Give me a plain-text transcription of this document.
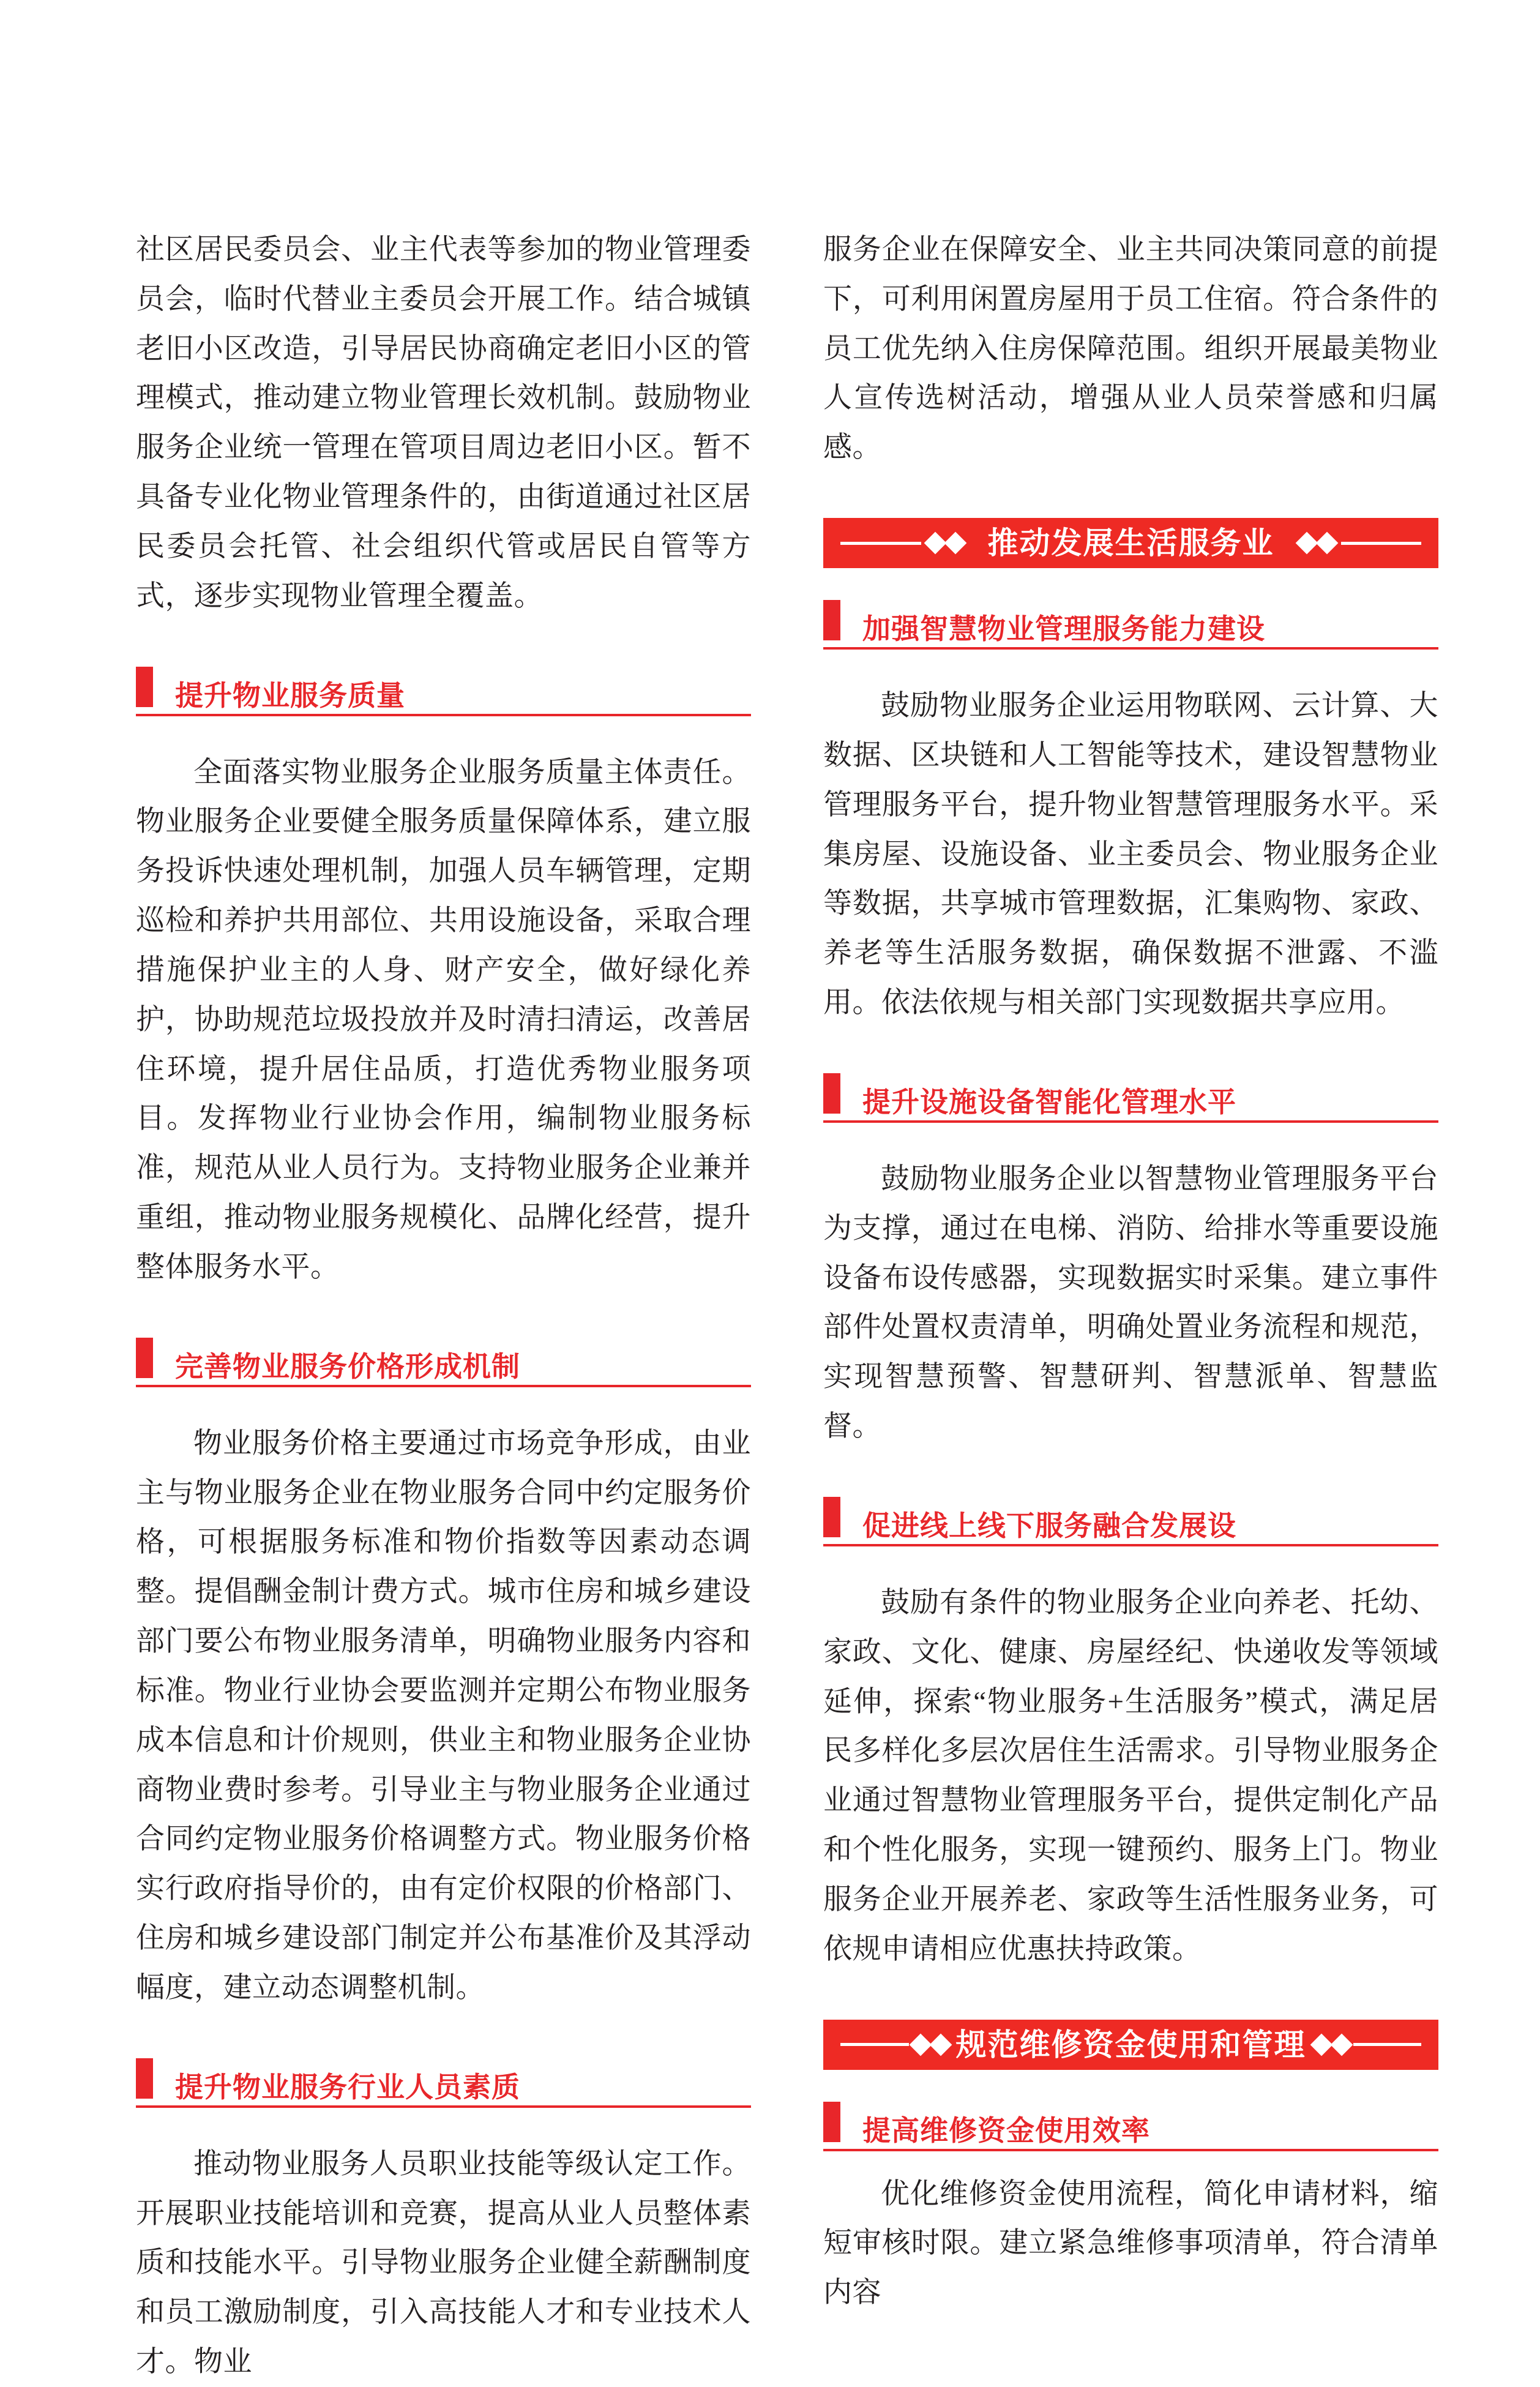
社区居民委员会、业主代表等参加的物业管理委员会，临时代替业主委员会开展工作。结合城镇老旧小区改造，引导居民协商确定老旧小区的管理模式，推动建立物业管理长效机制。鼓励物业服务企业统一管理在管项目周边老旧小区。暂不具备专业化物业管理条件的，由街道通过社区居民委员会托管、社会组织代管或居民自管等方式，逐步实现物业管理全覆盖。

提升物业服务质量

全面落实物业服务企业服务质量主体责任。物业服务企业要健全服务质量保障体系，建立服务投诉快速处理机制，加强人员车辆管理，定期巡检和养护共用部位、共用设施设备，采取合理措施保护业主的人身、财产安全，做好绿化养护，协助规范垃圾投放并及时清扫清运，改善居住环境，提升居住品质，打造优秀物业服务项目。发挥物业行业协会作用，编制物业服务标准，规范从业人员行为。支持物业服务企业兼并重组，推动物业服务规模化、品牌化经营，提升整体服务水平。

完善物业服务价格形成机制

物业服务价格主要通过市场竞争形成，由业主与物业服务企业在物业服务合同中约定服务价格，可根据服务标准和物价指数等因素动态调整。提倡酬金制计费方式。城市住房和城乡建设部门要公布物业服务清单，明确物业服务内容和标准。物业行业协会要监测并定期公布物业服务成本信息和计价规则，供业主和物业服务企业协商物业费时参考。引导业主与物业服务企业通过合同约定物业服务价格调整方式。物业服务价格实行政府指导价的，由有定价权限的价格部门、住房和城乡建设部门制定并公布基准价及其浮动幅度，建立动态调整机制。

提升物业服务行业人员素质

推动物业服务人员职业技能等级认定工作。开展职业技能培训和竞赛，提高从业人员整体素质和技能水平。引导物业服务企业健全薪酬制度和员工激励制度，引入高技能人才和专业技术人才。物业

服务企业在保障安全、业主共同决策同意的前提下，可利用闲置房屋用于员工住宿。符合条件的员工优先纳入住房保障范围。组织开展最美物业人宣传选树活动，增强从业人员荣誉感和归属感。

推动发展生活服务业
加强智慧物业管理服务能力建设

鼓励物业服务企业运用物联网、云计算、大数据、区块链和人工智能等技术，建设智慧物业管理服务平台，提升物业智慧管理服务水平。采集房屋、设施设备、业主委员会、物业服务企业等数据，共享城市管理数据，汇集购物、家政、养老等生活服务数据，确保数据不泄露、不滥用。依法依规与相关部门实现数据共享应用。

提升设施设备智能化管理水平

鼓励物业服务企业以智慧物业管理服务平台为支撑，通过在电梯、消防、给排水等重要设施设备布设传感器，实现数据实时采集。建立事件部件处置权责清单，明确处置业务流程和规范，实现智慧预警、智慧研判、智慧派单、智慧监督。

促进线上线下服务融合发展设

鼓励有条件的物业服务企业向养老、托幼、家政、文化、健康、房屋经纪、快递收发等领域延伸，探索“物业服务+生活服务”模式，满足居民多样化多层次居住生活需求。引导物业服务企业通过智慧物业管理服务平台，提供定制化产品和个性化服务，实现一键预约、服务上门。物业服务企业开展养老、家政等生活性服务业务，可依规申请相应优惠扶持政策。

规范维修资金使用和管理
提高维修资金使用效率

优化维修资金使用流程，简化申请材料，缩短审核时限。建立紧急维修事项清单，符合清单内容
